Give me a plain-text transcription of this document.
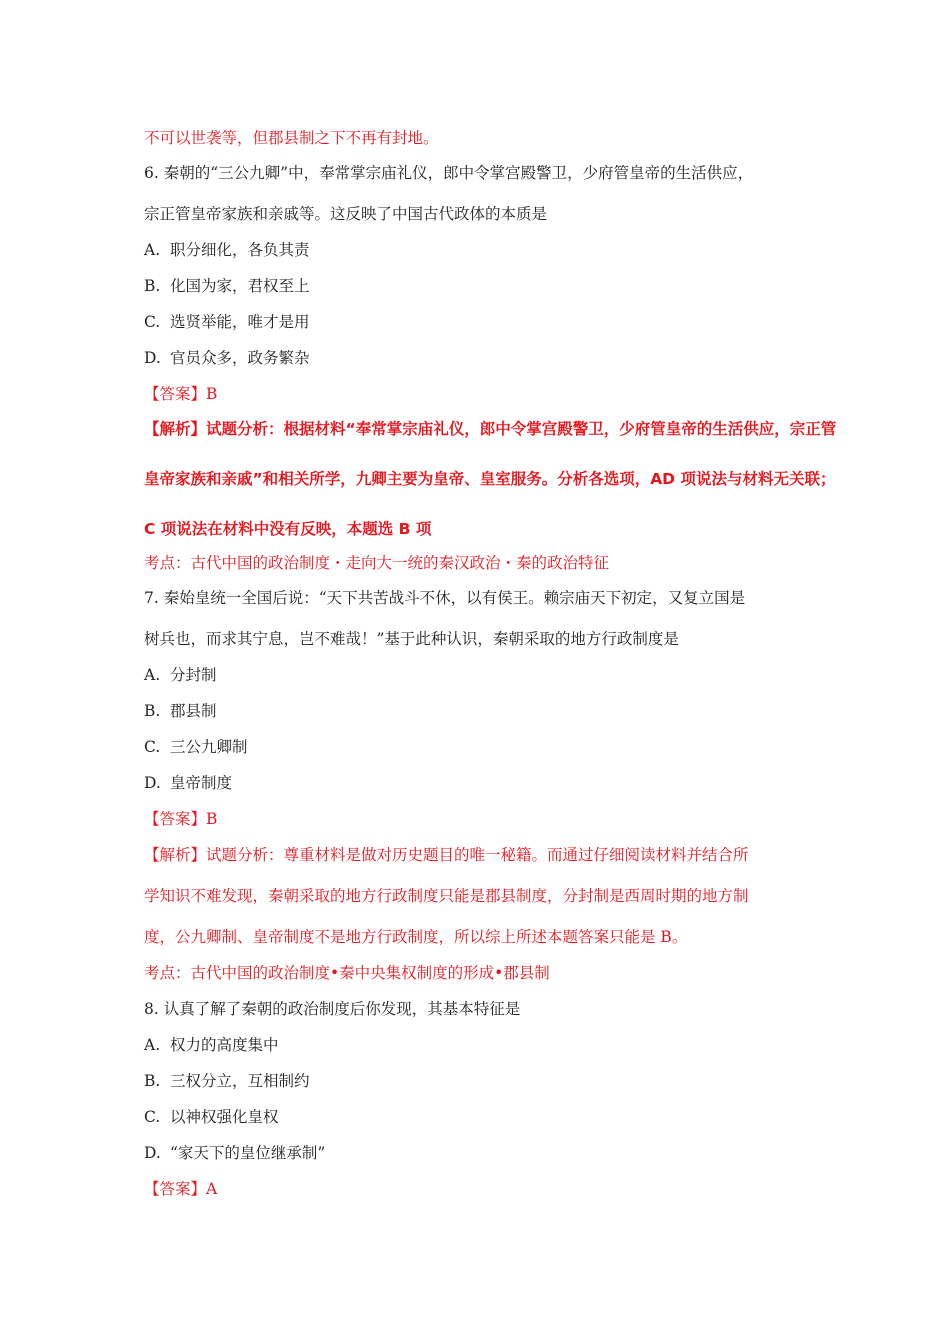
不可以世袭等，但郡县制之下不再有封地。
6. 秦朝的“三公九卿”中，奉常掌宗庙礼仪，郎中令掌宫殿警卫，少府管皇帝的生活供应，
宗正管皇帝家族和亲戚等。这反映了中国古代政体的本质是
A. 职分细化，各负其责
B. 化国为家，君权至上
C. 选贤举能，唯才是用
D. 官员众多，政务繁杂
【答案】B
【解析】试题分析：根据材料“奉常掌宗庙礼仪，郎中令掌宫殿警卫，少府管皇帝的生活供应，宗正管
皇帝家族和亲戚”和相关所学，九卿主要为皇帝、皇室服务。分析各选项，AD 项说法与材料无关联；
C 项说法在材料中没有反映，本题选 B 项
考点：古代中国的政治制度・走向大一统的秦汉政治・秦的政治特征
7. 秦始皇统一全国后说：“天下共苦战斗不休，以有侯王。赖宗庙天下初定，又复立国是
树兵也，而求其宁息，岂不难哉！”基于此种认识，秦朝采取的地方行政制度是
A. 分封制
B. 郡县制
C. 三公九卿制
D. 皇帝制度
【答案】B
【解析】试题分析：尊重材料是做对历史题目的唯一秘籍。而通过仔细阅读材料并结合所
学知识不难发现，秦朝采取的地方行政制度只能是郡县制度，分封制是西周时期的地方制
度，公九卿制、皇帝制度不是地方行政制度，所以综上所述本题答案只能是 B。
考点：古代中国的政治制度•秦中央集权制度的形成•郡县制
8. 认真了解了秦朝的政治制度后你发现，其基本特征是
A. 权力的高度集中
B. 三权分立，互相制约
C. 以神权强化皇权
D. “家天下的皇位继承制”
【答案】A
